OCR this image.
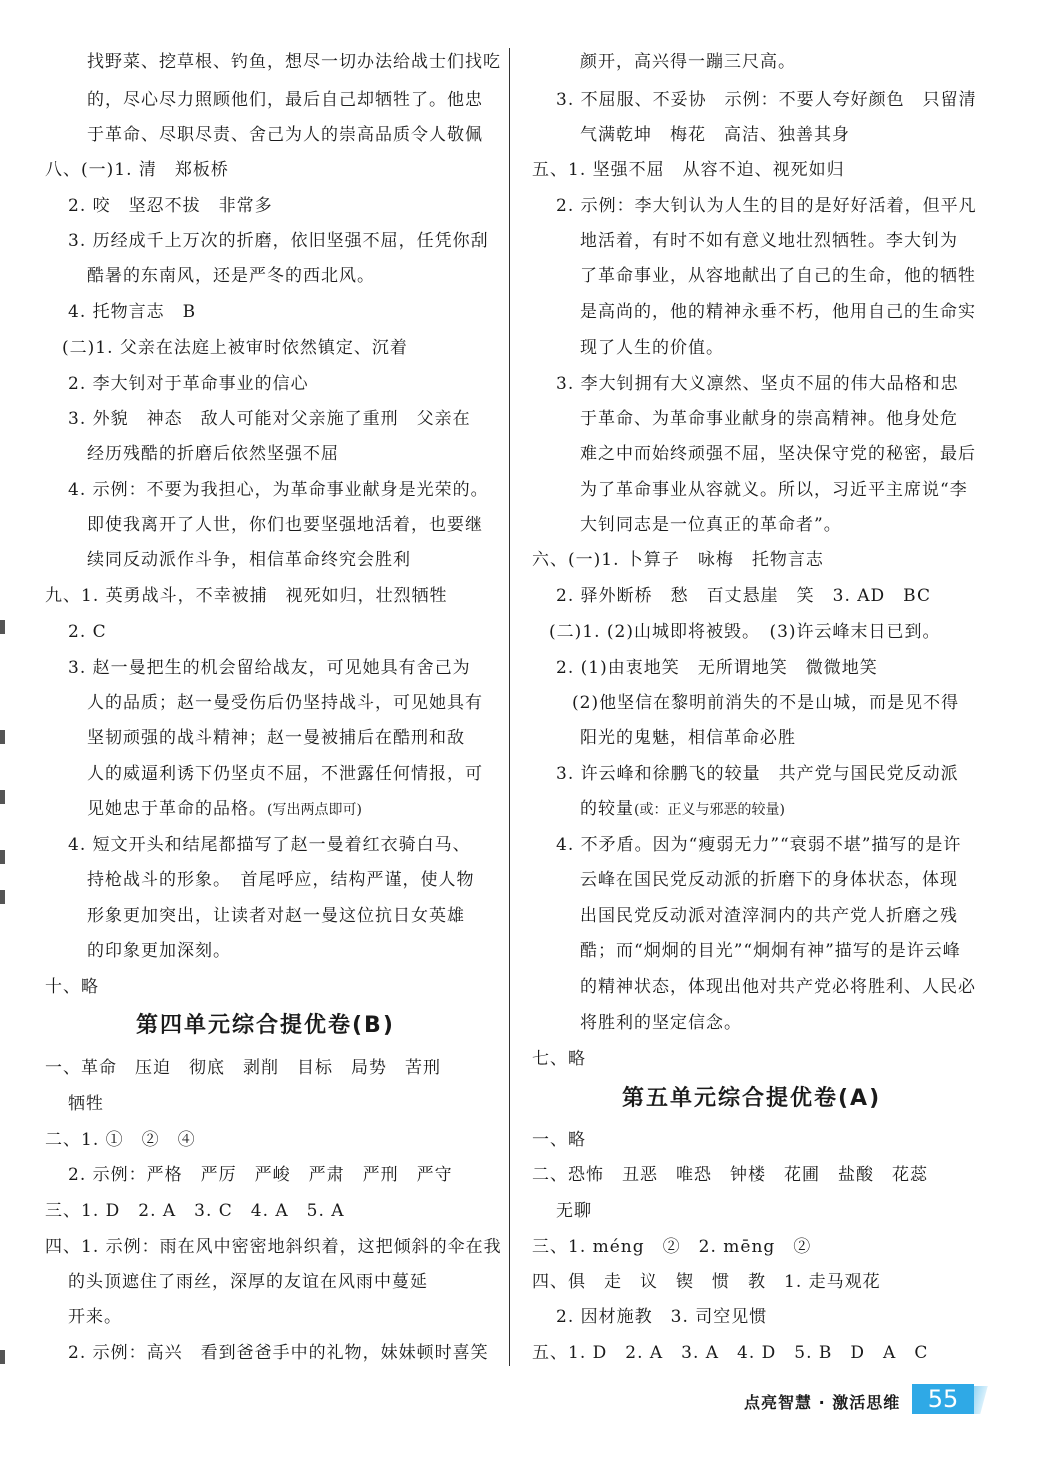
找野菜、挖草根、钓鱼，想尽一切办法给战士们找吃
的，尽心尽力照顾他们，最后自己却牺牲了。他忠
于革命、尽职尽责、舍己为人的崇高品质令人敬佩
八、(一)1. 清　郑板桥
2. 咬　坚忍不拔　非常多
3. 历经成千上万次的折磨，依旧坚强不屈，任凭你刮
酷暑的东南风，还是严冬的西北风。
4. 托物言志　B
(二)1. 父亲在法庭上被审时依然镇定、沉着
2. 李大钊对于革命事业的信心
3. 外貌　神态　敌人可能对父亲施了重刑　父亲在
经历残酷的折磨后依然坚强不屈
4. 示例：不要为我担心，为革命事业献身是光荣的。
即使我离开了人世，你们也要坚强地活着，也要继
续同反动派作斗争，相信革命终究会胜利
九、1. 英勇战斗，不幸被捕　视死如归，壮烈牺牲
2. C
3. 赵一曼把生的机会留给战友，可见她具有舍己为
人的品质；赵一曼受伤后仍坚持战斗，可见她具有
坚韧顽强的战斗精神；赵一曼被捕后在酷刑和敌
人的威逼利诱下仍坚贞不屈，不泄露任何情报，可
见她忠于革命的品格。(写出两点即可)
4. 短文开头和结尾都描写了赵一曼着红衣骑白马、
持枪战斗的形象。　首尾呼应，结构严谨，使人物
形象更加突出，让读者对赵一曼这位抗日女英雄
的印象更加深刻。
十、略
第四单元综合提优卷(B)
一、革命　压迫　彻底　剥削　目标　局势　苦刑
牺牲
二、1. ①　②　④
2. 示例：严格　严厉　严峻　严肃　严刑　严守
三、1. D　2. A　3. C　4. A　5. A
四、1. 示例：雨在风中密密地斜织着，这把倾斜的伞在我
的头顶遮住了雨丝，深厚的友谊在风雨中蔓延
开来。
2. 示例：高兴　看到爸爸手中的礼物，妹妹顿时喜笑
颜开，高兴得一蹦三尺高。
3. 不屈服、不妥协　示例：不要人夸好颜色　只留清
气满乾坤　梅花　高洁、独善其身
五、1. 坚强不屈　从容不迫、视死如归
2. 示例：李大钊认为人生的目的是好好活着，但平凡
地活着，有时不如有意义地壮烈牺牲。李大钊为
了革命事业，从容地献出了自己的生命，他的牺牲
是高尚的，他的精神永垂不朽，他用自己的生命实
现了人生的价值。
3. 李大钊拥有大义凛然、坚贞不屈的伟大品格和忠
于革命、为革命事业献身的崇高精神。他身处危
难之中而始终顽强不屈，坚决保守党的秘密，最后
为了革命事业从容就义。所以，习近平主席说“李
大钊同志是一位真正的革命者”。
六、(一)1. 卜算子　咏梅　托物言志
2. 驿外断桥　愁　百丈悬崖　笑　3. AD　BC
(二)1. (2)山城即将被毁。　(3)许云峰末日已到。
2. (1)由衷地笑　无所谓地笑　微微地笑
(2)他坚信在黎明前消失的不是山城，而是见不得
阳光的鬼魅，相信革命必胜
3. 许云峰和徐鹏飞的较量　共产党与国民党反动派
的较量(或：正义与邪恶的较量)
4. 不矛盾。因为“瘦弱无力”“衰弱不堪”描写的是许
云峰在国民党反动派的折磨下的身体状态，体现
出国民党反动派对渣滓洞内的共产党人折磨之残
酷；而“炯炯的目光”“炯炯有神”描写的是许云峰
的精神状态，体现出他对共产党必将胜利、人民必
将胜利的坚定信念。
七、略
第五单元综合提优卷(A)
一、略
二、恐怖　丑恶　唯恐　钟楼　花圃　盐酸　花蕊
无聊
三、1. méng　②　2. mēng　②
四、俱　走　议　锲　惯　教　1. 走马观花
2. 因材施教　3. 司空见惯
五、1. D　2. A　3. A　4. D　5. B　D　A　C
点亮智慧 · 激活思维	55
